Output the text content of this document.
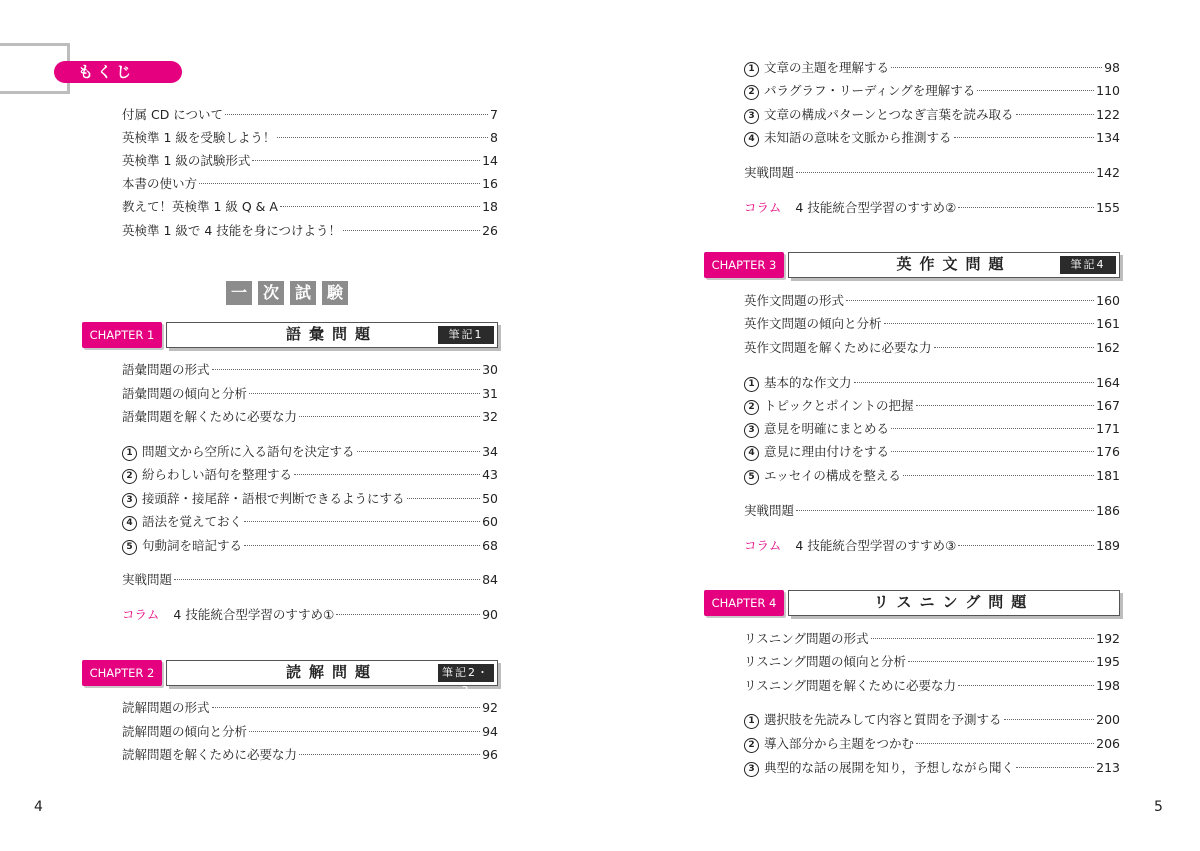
もくじ
一 次 試 験
CHAPTER 1	語彙問題	筆記1
CHAPTER 2	読解問題	筆記2・3
付属 CD について	7
英検準 1 級を受験しよう！	8
英検準 1 級の試験形式	14
本書の使い方	16
教えて！英検準 1 級 Q & A	18
英検準 1 級で 4 技能を身につけよう！	26
語彙問題の形式	30
語彙問題の傾向と分析	31
語彙問題を解くために必要な力	32
1 問題文から空所に入る語句を決定する	34
2 紛らわしい語句を整理する	43
3 接頭辞・接尾辞・語根で判断できるようにする	50
4 語法を覚えておく	60
5 句動詞を暗記する	68
実戦問題	84
コラム 4 技能統合型学習のすすめ①	90
読解問題の形式	92
読解問題の傾向と分析	94
読解問題を解くために必要な力	96
4
CHAPTER 3	英作文問題	筆記4
CHAPTER 4	リスニング問題
1 文章の主題を理解する	98
2 パラグラフ・リーディングを理解する	110
3 文章の構成パターンとつなぎ言葉を読み取る	122
4 未知語の意味を文脈から推測する	134
実戦問題	142
コラム 4 技能統合型学習のすすめ②	155
英作文問題の形式	160
英作文問題の傾向と分析	161
英作文問題を解くために必要な力	162
1 基本的な作文力	164
2 トピックとポイントの把握	167
3 意見を明確にまとめる	171
4 意見に理由付けをする	176
5 エッセイの構成を整える	181
実戦問題	186
コラム 4 技能統合型学習のすすめ③	189
リスニング問題の形式	192
リスニング問題の傾向と分析	195
リスニング問題を解くために必要な力	198
1 選択肢を先読みして内容と質問を予測する	200
2 導入部分から主題をつかむ	206
3 典型的な話の展開を知り，予想しながら聞く	213
5
